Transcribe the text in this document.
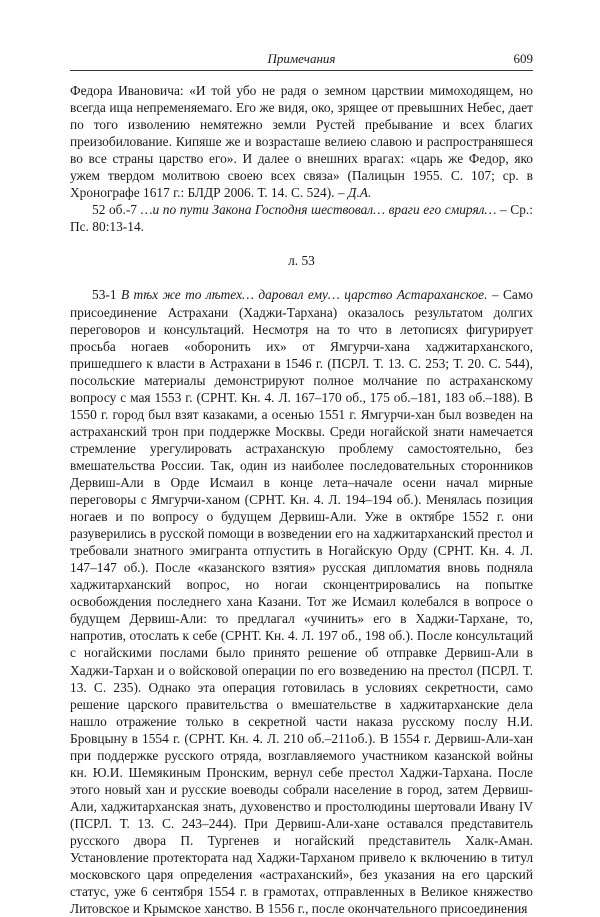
Примечания	609

Федора Ивановича: «И той убо не радя о земном царствии мимоходящем, но всегда ища непременяемаго. Его же видя, око, зрящее от превышних Небес, дает по того изволению немятежно земли Рустей пребывание и всех благих преизобилование. Кипяше же и возрасташе велиею славою и распространяшеся во все страны царство его». И далее о внешних врагах: «царь же Федор, яко ужем твердом молитвою своею всех связа» (Палицын 1955. С. 107; ср. в Хронографе 1617 г.: БЛДР 2006. Т. 14. С. 524). – Д.А.

52 об.-7 …и по пути Закона Господня шествовал… враги его смирял… – Ср.: Пс. 80:13-14.

л. 53

53-1 В тѣх же то лѣтех… даровал ему… царство Астараханское. – Само присоединение Астрахани (Хаджи-Тархана) оказалось результатом долгих переговоров и консультаций. Несмотря на то что в летописях фигурирует просьба ногаев «оборонить их» от Ямгурчи-хана хаджитарханского, пришедшего к власти в Астрахани в 1546 г. (ПСРЛ. Т. 13. С. 253; Т. 20. С. 544), посольские материалы демонстрируют полное молчание по астраханскому вопросу с мая 1553 г. (СРНТ. Кн. 4. Л. 167–170 об., 175 об.–181, 183 об.–188). В 1550 г. город был взят казаками, а осенью 1551 г. Ямгурчи-хан был возведен на астраханский трон при поддержке Москвы. Среди ногайской знати намечается стремление урегулировать астраханскую проблему самостоятельно, без вмешательства России. Так, один из наиболее последовательных сторонников Дервиш-Али в Орде Исмаил в конце лета–начале осени начал мирные переговоры с Ямгурчи-ханом (СРНТ. Кн. 4. Л. 194–194 об.). Менялась позиция ногаев и по вопросу о будущем Дервиш-Али. Уже в октябре 1552 г. они разуверились в русской помощи в возведении его на хаджитарханский престол и требовали знатного эмигранта отпустить в Ногайскую Орду (СРНТ. Кн. 4. Л. 147–147 об.). После «казанского взятия» русская дипломатия вновь подняла хаджитарханский вопрос, но ногаи сконцентрировались на попытке освобождения последнего хана Казани. Тот же Исмаил колебался в вопросе о будущем Дервиш-Али: то предлагал «учинить» его в Хаджи-Тархане, то, напротив, отослать к себе (СРНТ. Кн. 4. Л. 197 об., 198 об.). После консультаций с ногайскими послами было принято решение об отправке Дервиш-Али в Хаджи-Тархан и о войсковой операции по его возведению на престол (ПСРЛ. Т. 13. С. 235). Однако эта операция готовилась в условиях секретности, само решение царского правительства о вмешательстве в хаджитарханские дела нашло отражение только в секретной части наказа русскому послу Н.И. Бровцыну в 1554 г. (СРНТ. Кн. 4. Л. 210 об.–211об.). В 1554 г. Дервиш-Али-хан при поддержке русского отряда, возглавляемого участником казанской войны кн. Ю.И. Шемякиным Пронским, вернул себе престол Хаджи-Тархана. После этого новый хан и русские воеводы собрали население в город, затем Дервиш-Али, хаджитарханская знать, духовенство и простолюдины шертовали Ивану IV (ПСРЛ. Т. 13. С. 243–244). При Дервиш-Али-хане оставался представитель русского двора П. Тургенев и ногайский представитель Халк-Аман. Установление протектората над Хаджи-Тарханом привело к включению в титул московского царя определения «астраханский», без указания на его царский статус, уже 6 сентября 1554 г. в грамотах, отправленных в Великое княжество Литовское и Крымское ханство. В 1556 г., после окончательного присоединения
